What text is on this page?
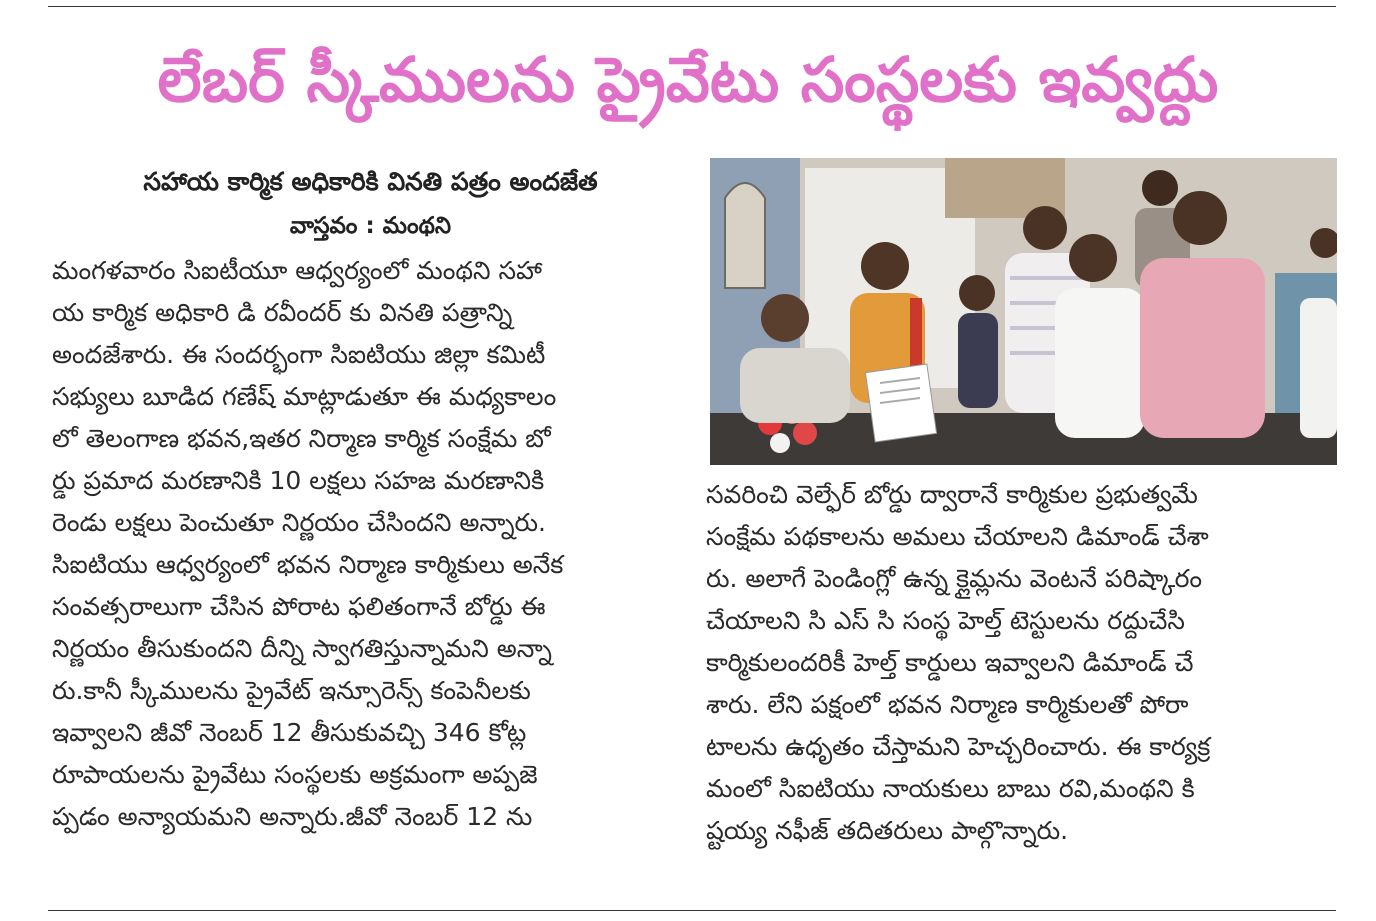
లేబర్ స్కీములను ప్రైవేటు సంస్థలకు ఇవ్వద్దు

సహాయ కార్మిక అధికారికి వినతి పత్రం అందజేత

వాస్తవం : మంథని

మంగళవారం సిఐటీయూ ఆధ్వర్యంలో మంథని సహా
య కార్మిక అధికారి డి రవీందర్ కు వినతి పత్రాన్ని
అందజేశారు. ఈ సందర్భంగా సిఐటియు జిల్లా కమిటీ
సభ్యులు బూడిద గణేష్ మాట్లాడుతూ ఈ మధ్యకాలం
లో తెలంగాణ భవన,ఇతర నిర్మాణ కార్మిక సంక్షేమ బో
ర్డు ప్రమాద మరణానికి 10 లక్షలు సహజ మరణానికి
రెండు లక్షలు పెంచుతూ నిర్ణయం చేసిందని అన్నారు.
సిఐటియు ఆధ్వర్యంలో భవన నిర్మాణ కార్మికులు అనేక
సంవత్సరాలుగా చేసిన పోరాట ఫలితంగానే బోర్డు ఈ
నిర్ణయం తీసుకుందని దీన్ని స్వాగతిస్తున్నామని అన్నా
రు.కానీ స్కీములను ప్రైవేట్ ఇన్సూరెన్స్ కంపెనీలకు
ఇవ్వాలని జీవో నెంబర్ 12 తీసుకువచ్చి 346 కోట్ల
రూపాయలను ప్రైవేటు సంస్థలకు అక్రమంగా అప్పజె
ప్పడం అన్యాయమని అన్నారు.జీవో నెంబర్ 12 ను
సవరించి వెల్ఫేర్ బోర్డు ద్వారానే కార్మికుల ప్రభుత్వమే
సంక్షేమ పథకాలను అమలు చేయాలని డిమాండ్ చేశా
రు. అలాగే పెండింగ్లో ఉన్న క్లైమ్లను వెంటనే పరిష్కారం
చేయాలని సి ఎస్ సి సంస్థ హెల్త్ టెస్టులను రద్దుచేసి
కార్మికులందరికీ హెల్త్ కార్డులు ఇవ్వాలని డిమాండ్ చే
శారు. లేని పక్షంలో భవన నిర్మాణ కార్మికులతో పోరా
టాలను ఉధృతం చేస్తామని హెచ్చరించారు. ఈ కార్యక్ర
మంలో సిఐటియు నాయకులు బాబు రవి,మంథని కి
ష్టయ్య నఫీజ్ తదితరులు పాల్గొన్నారు.
